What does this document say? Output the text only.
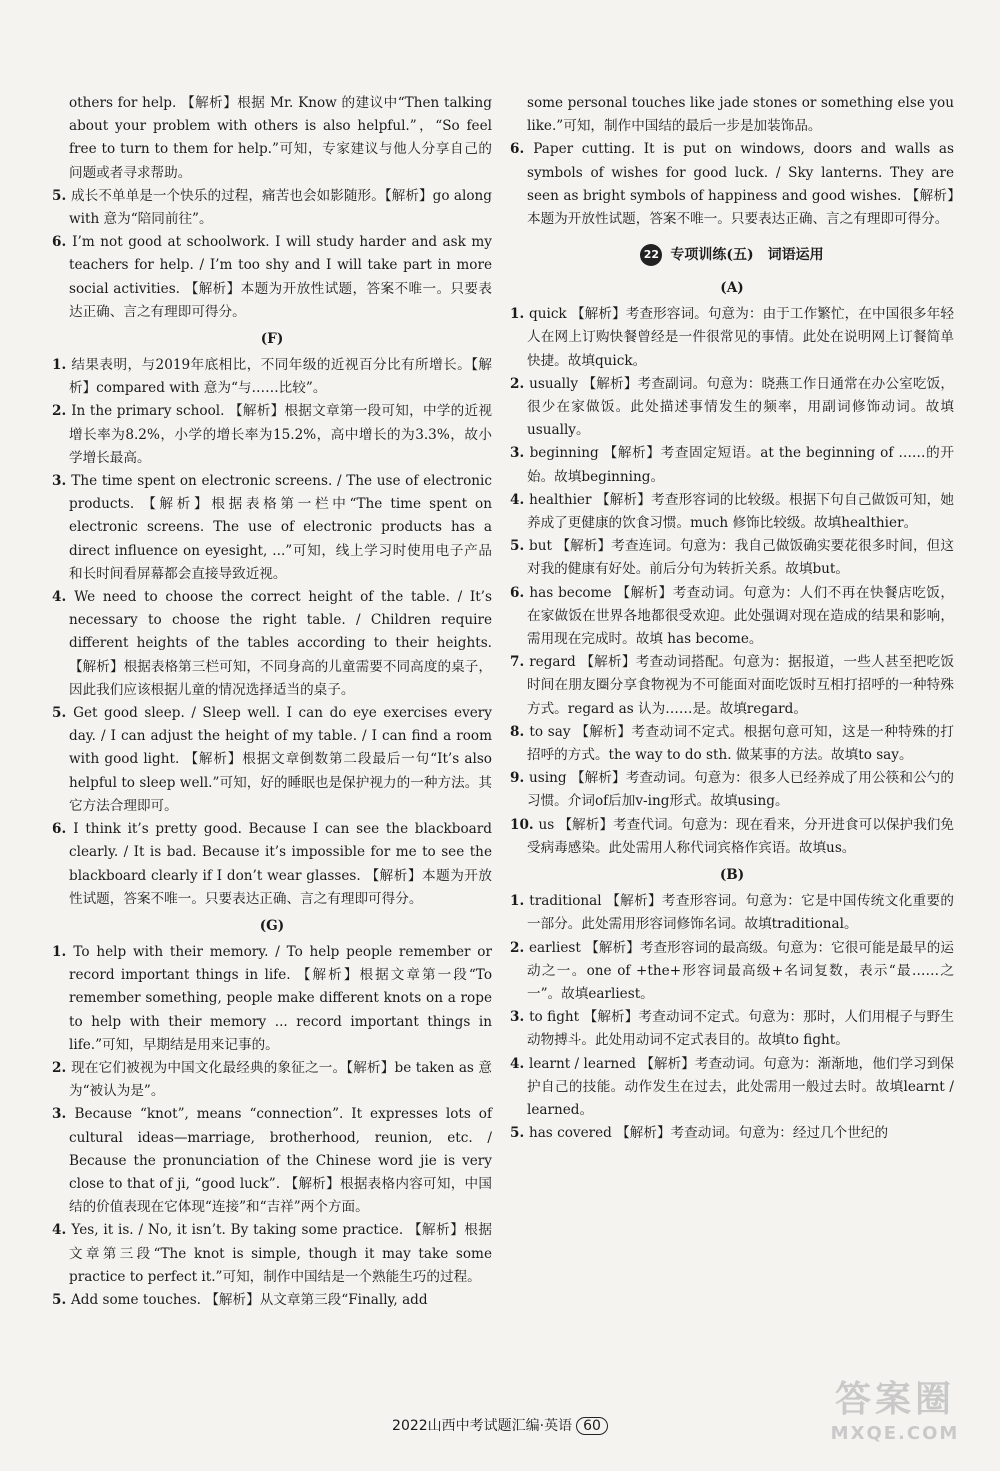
others for help. 【解析】根据 Mr. Know 的建议中“Then talking about your problem with others is also helpful.”，“So feel free to turn to them for help.”可知，专家建议与他人分享自己的问题或者寻求帮助。

5. 成长不单单是一个快乐的过程，痛苦也会如影随形。【解析】go along with 意为“陪同前往”。

6. I’m not good at schoolwork. I will study harder and ask my teachers for help. / I’m too shy and I will take part in more social activities. 【解析】本题为开放性试题，答案不唯一。只要表达正确、言之有理即可得分。

(F)

1. 结果表明，与2019年底相比，不同年级的近视百分比有所增长。【解析】compared with 意为“与……比较”。

2. In the primary school. 【解析】根据文章第一段可知，中学的近视增长率为8.2%，小学的增长率为15.2%，高中增长的为3.3%，故小学增长最高。

3. The time spent on electronic screens. / The use of electronic products. 【解析】根据表格第一栏中“The time spent on electronic screens. The use of electronic products has a direct influence on eyesight, ...”可知，线上学习时使用电子产品和长时间看屏幕都会直接导致近视。

4. We need to choose the correct height of the table. / It’s necessary to choose the right table. / Children require different heights of the tables according to their heights. 【解析】根据表格第三栏可知，不同身高的儿童需要不同高度的桌子，因此我们应该根据儿童的情况选择适当的桌子。

5. Get good sleep. / Sleep well. I can do eye exercises every day. / I can adjust the height of my table. / I can find a room with good light. 【解析】根据文章倒数第二段最后一句“It’s also helpful to sleep well.”可知，好的睡眠也是保护视力的一种方法。其它方法合理即可。

6. I think it’s pretty good. Because I can see the blackboard clearly. / It is bad. Because it’s impossible for me to see the blackboard clearly if I don’t wear glasses. 【解析】本题为开放性试题，答案不唯一。只要表达正确、言之有理即可得分。

(G)

1. To help with their memory. / To help people remember or record important things in life. 【解析】根据文章第一段“To remember something, people make different knots on a rope to help with their memory ... record important things in life.”可知，早期结是用来记事的。

2. 现在它们被视为中国文化最经典的象征之一。【解析】be taken as 意为“被认为是”。

3. Because “knot”, means “connection”. It expresses lots of cultural ideas—marriage, brotherhood, reunion, etc. / Because the pronunciation of the Chinese word jie is very close to that of ji, “good luck”. 【解析】根据表格内容可知，中国结的价值表现在它体现“连接”和“吉祥”两个方面。

4. Yes, it is. / No, it isn’t. By taking some practice. 【解析】根据文章第三段“The knot is simple, though it may take some practice to perfect it.”可知，制作中国结是一个熟能生巧的过程。

5. Add some touches. 【解析】从文章第三段“Finally, add

some personal touches like jade stones or something else you like.”可知，制作中国结的最后一步是加装饰品。

6. Paper cutting. It is put on windows, doors and walls as symbols of wishes for good luck. / Sky lanterns. They are seen as bright symbols of happiness and good wishes. 【解析】本题为开放性试题，答案不唯一。只要表达正确、言之有理即可得分。

22 专项训练(五)　词语运用
(A)

1. quick 【解析】考查形容词。句意为：由于工作繁忙，在中国很多年轻人在网上订购快餐曾经是一件很常见的事情。此处在说明网上订餐简单快捷。故填quick。

2. usually 【解析】考查副词。句意为：晓燕工作日通常在办公室吃饭，很少在家做饭。此处描述事情发生的频率，用副词修饰动词。故填usually。

3. beginning 【解析】考查固定短语。at the beginning of ……的开始。故填beginning。

4. healthier 【解析】考查形容词的比较级。根据下句自己做饭可知，她养成了更健康的饮食习惯。much 修饰比较级。故填healthier。

5. but 【解析】考查连词。句意为：我自己做饭确实要花很多时间，但这对我的健康有好处。前后分句为转折关系。故填but。

6. has become 【解析】考查动词。句意为：人们不再在快餐店吃饭，在家做饭在世界各地都很受欢迎。此处强调对现在造成的结果和影响，需用现在完成时。故填 has become。

7. regard 【解析】考查动词搭配。句意为：据报道，一些人甚至把吃饭时间在朋友圈分享食物视为不可能面对面吃饭时互相打招呼的一种特殊方式。regard as 认为……是。故填regard。

8. to say 【解析】考查动词不定式。根据句意可知，这是一种特殊的打招呼的方式。the way to do sth. 做某事的方法。故填to say。

9. using 【解析】考查动词。句意为：很多人已经养成了用公筷和公勺的习惯。介词of后加v-ing形式。故填using。

10. us 【解析】考查代词。句意为：现在看来，分开进食可以保护我们免受病毒感染。此处需用人称代词宾格作宾语。故填us。

(B)

1. traditional 【解析】考查形容词。句意为：它是中国传统文化重要的一部分。此处需用形容词修饰名词。故填traditional。

2. earliest 【解析】考查形容词的最高级。句意为：它很可能是最早的运动之一。one of +the+形容词最高级+名词复数，表示“最……之一”。故填earliest。

3. to fight 【解析】考查动词不定式。句意为：那时，人们用棍子与野生动物搏斗。此处用动词不定式表目的。故填to fight。

4. learnt / learned 【解析】考查动词。句意为：渐渐地，他们学习到保护自己的技能。动作发生在过去，此处需用一般过去时。故填learnt / learned。

5. has covered 【解析】考查动词。句意为：经过几个世纪的

2022山西中考试题汇编·英语 60
答案圈
MXQE.COM
